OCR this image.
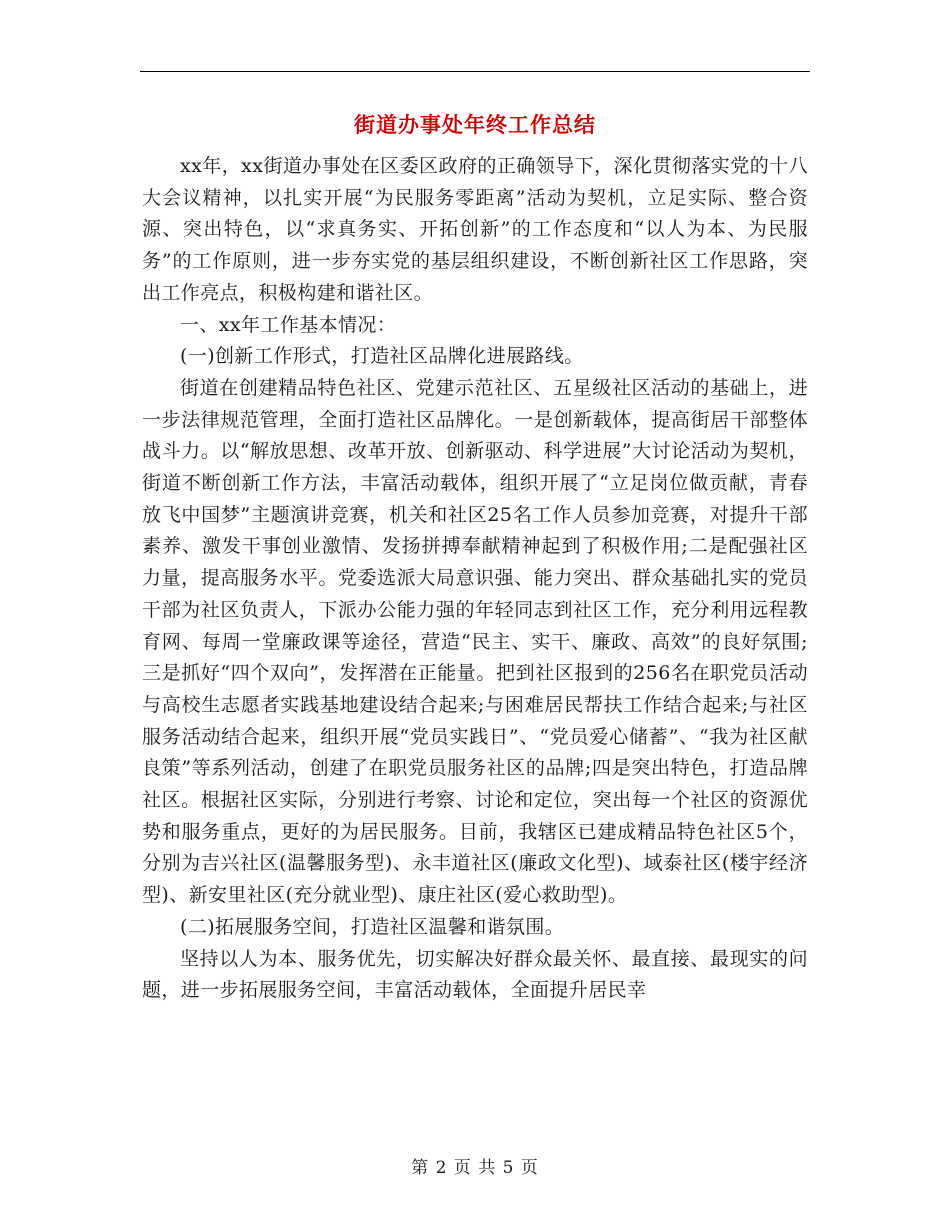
街道办事处年终工作总结

xx年，xx街道办事处在区委区政府的正确领导下，深化贯彻落实党的十八大会议精神，以扎实开展“为民服务零距离”活动为契机，立足实际、整合资源、突出特色，以“求真务实、开拓创新”的工作态度和“以人为本、为民服务”的工作原则，进一步夯实党的基层组织建设，不断创新社区工作思路，突出工作亮点，积极构建和谐社区。

一、xx年工作基本情况：

(一)创新工作形式，打造社区品牌化进展路线。

街道在创建精品特色社区、党建示范社区、五星级社区活动的基础上，进一步法律规范管理，全面打造社区品牌化。一是创新载体，提高街居干部整体战斗力。以“解放思想、改革开放、创新驱动、科学进展”大讨论活动为契机，街道不断创新工作方法，丰富活动载体，组织开展了“立足岗位做贡献，青春放飞中国梦”主题演讲竞赛，机关和社区25名工作人员参加竞赛，对提升干部素养、激发干事创业激情、发扬拼搏奉献精神起到了积极作用;二是配强社区力量，提高服务水平。党委选派大局意识强、能力突出、群众基础扎实的党员干部为社区负责人，下派办公能力强的年轻同志到社区工作，充分利用远程教育网、每周一堂廉政课等途径，营造“民主、实干、廉政、高效”的良好氛围;三是抓好“四个双向”，发挥潜在正能量。把到社区报到的256名在职党员活动与高校生志愿者实践基地建设结合起来;与困难居民帮扶工作结合起来;与社区服务活动结合起来，组织开展“党员实践日”、“党员爱心储蓄”、“我为社区献良策”等系列活动，创建了在职党员服务社区的品牌;四是突出特色，打造品牌社区。根据社区实际，分别进行考察、讨论和定位，突出每一个社区的资源优势和服务重点，更好的为居民服务。目前，我辖区已建成精品特色社区5个，分别为吉兴社区(温馨服务型)、永丰道社区(廉政文化型)、域泰社区(楼宇经济型)、新安里社区(充分就业型)、康庄社区(爱心救助型)。

(二)拓展服务空间，打造社区温馨和谐氛围。

坚持以人为本、服务优先，切实解决好群众最关怀、最直接、最现实的问题，进一步拓展服务空间，丰富活动载体，全面提升居民幸

第 2 页 共 5 页
